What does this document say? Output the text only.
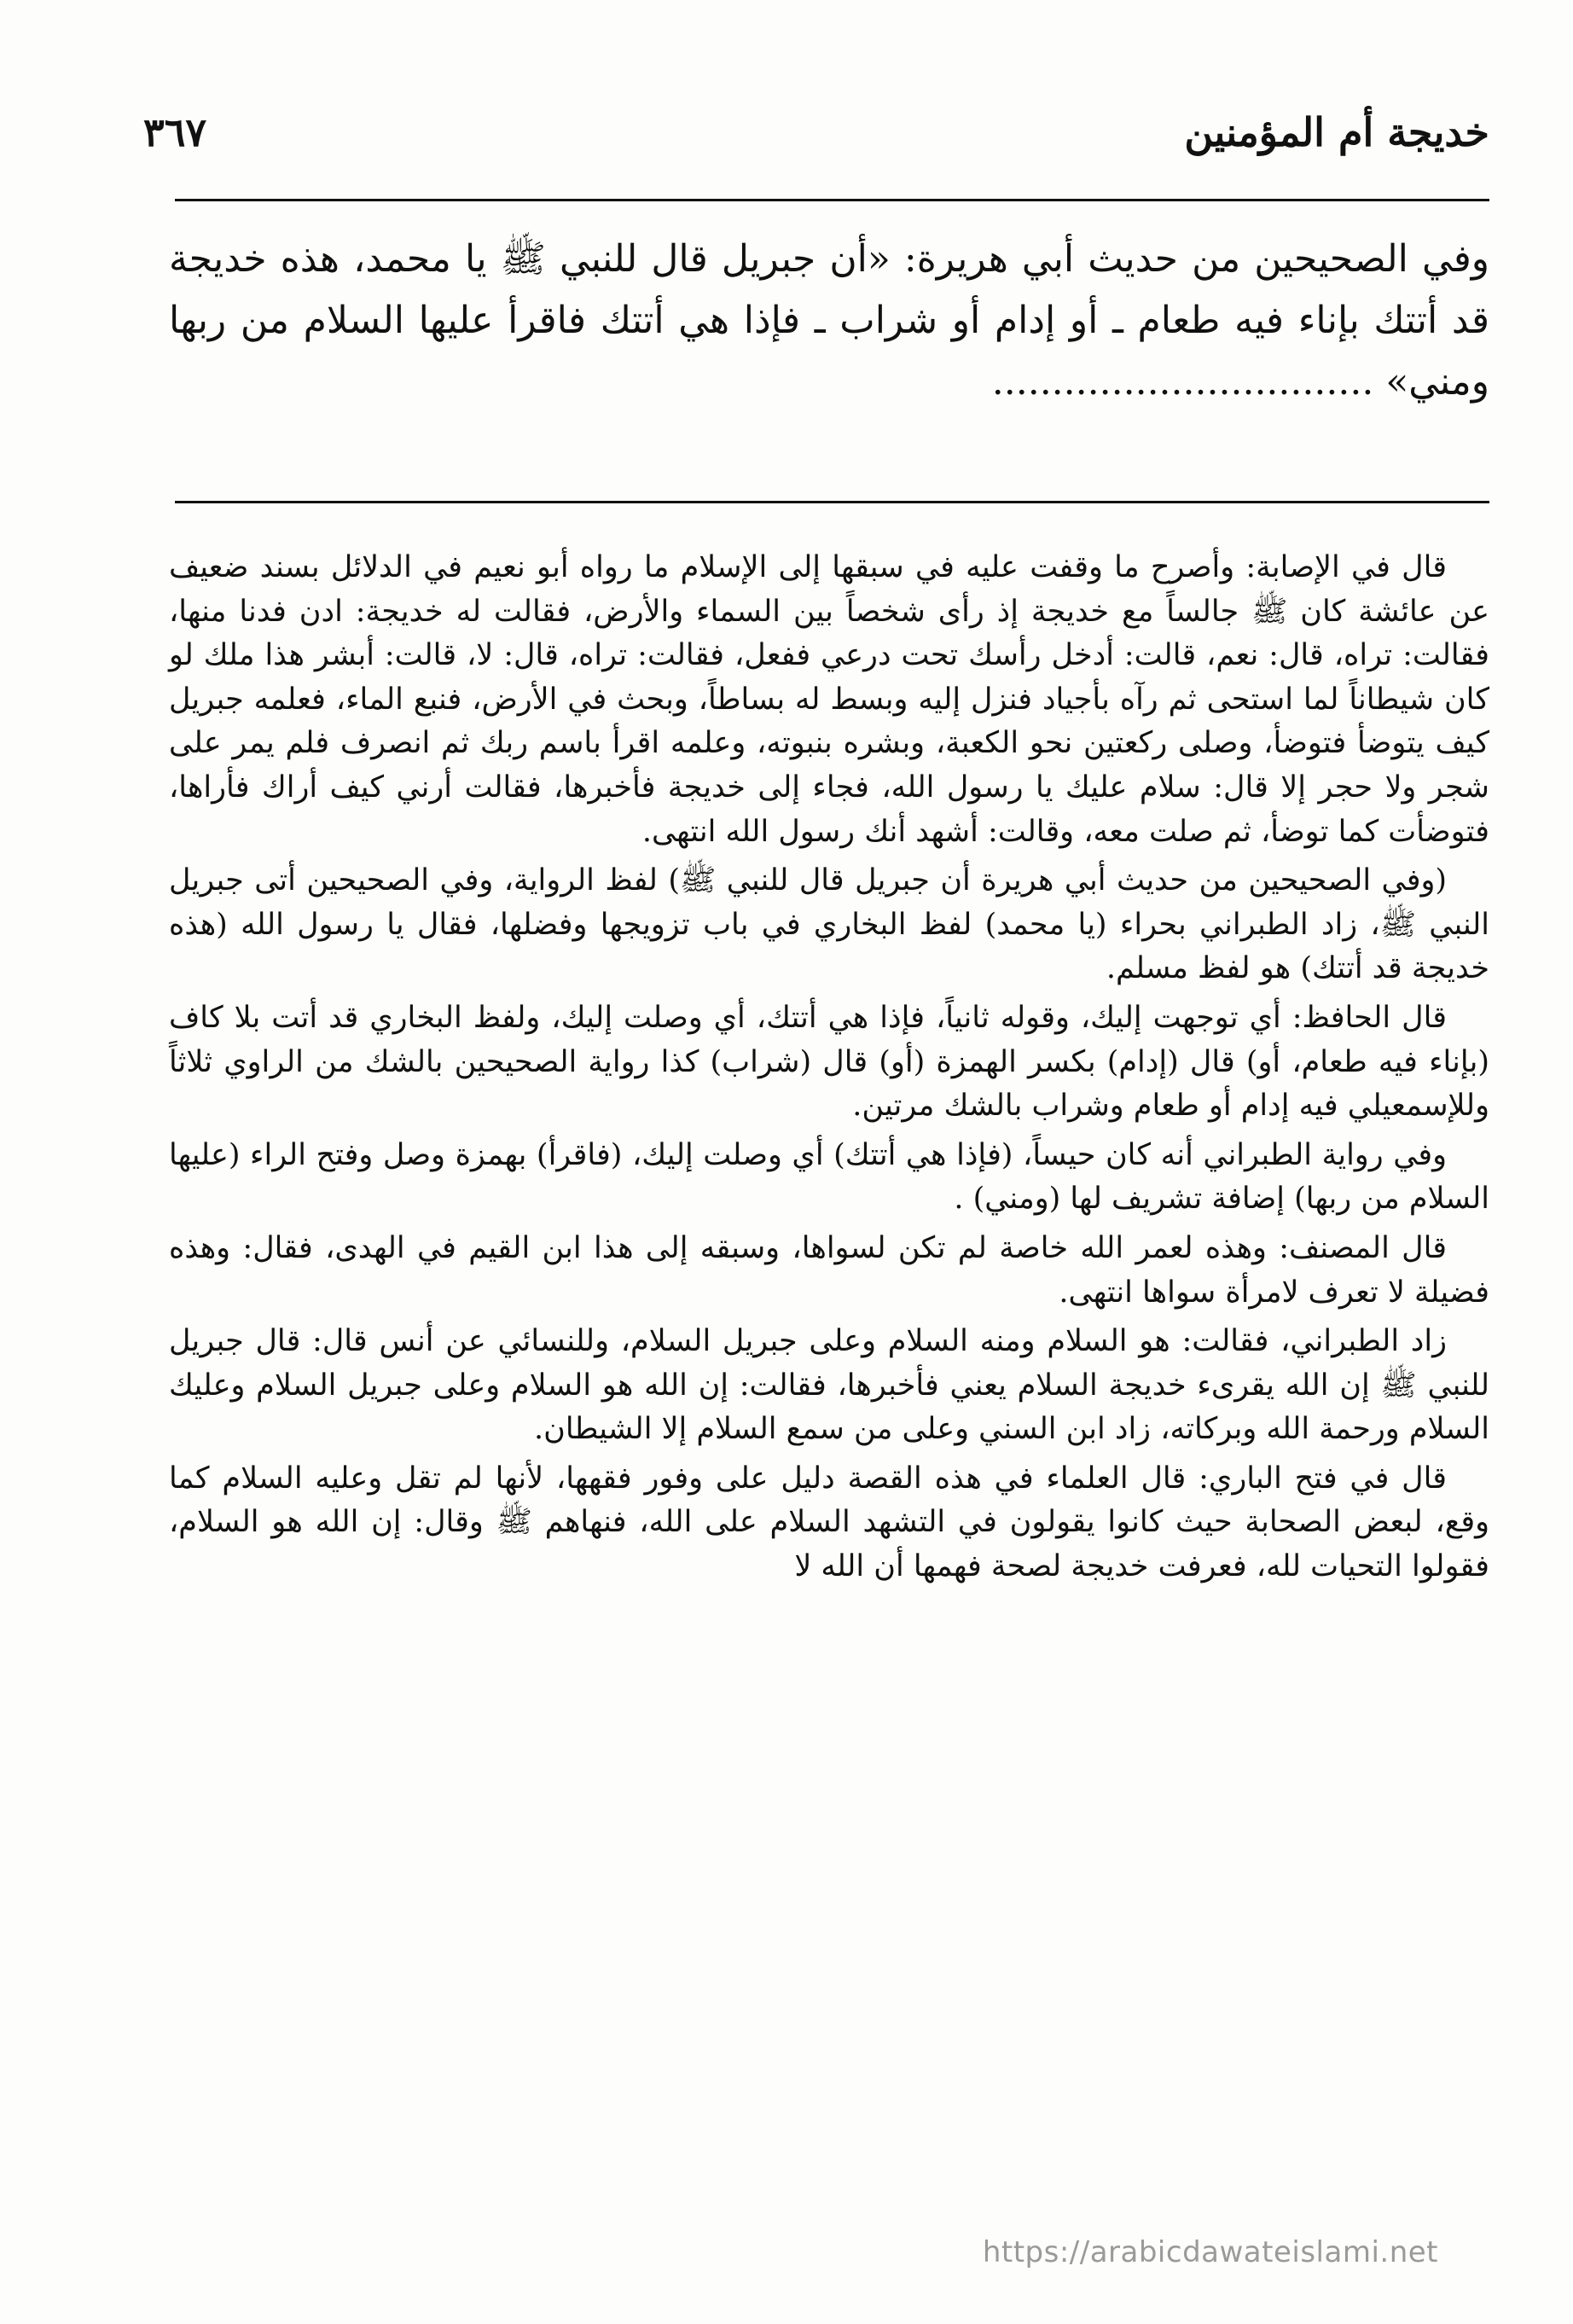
خديجة أم المؤمنين
٣٦٧
وفي الصحيحين من حديث أبي هريرة: «أن جبريل قال للنبي ﷺ يا محمد، هذه خديجة قد أتتك بإناء فيه طعام ـ أو إدام أو شراب ـ فإذا هي أتتك فاقرأ عليها السلام من ربها ومني» ................................

قال في الإصابة: وأصرح ما وقفت عليه في سبقها إلى الإسلام ما رواه أبو نعيم في الدلائل بسند ضعيف عن عائشة كان ﷺ جالساً مع خديجة إذ رأى شخصاً بين السماء والأرض، فقالت له خديجة: ادن فدنا منها، فقالت: تراه، قال: نعم، قالت: أدخل رأسك تحت درعي ففعل، فقالت: تراه، قال: لا، قالت: أبشر هذا ملك لو كان شيطاناً لما استحى ثم رآه بأجياد فنزل إليه وبسط له بساطاً، وبحث في الأرض، فنبع الماء، فعلمه جبريل كيف يتوضأ فتوضأ، وصلى ركعتين نحو الكعبة، وبشره بنبوته، وعلمه اقرأ باسم ربك ثم انصرف فلم يمر على شجر ولا حجر إلا قال: سلام عليك يا رسول الله، فجاء إلى خديجة فأخبرها، فقالت أرني كيف أراك فأراها، فتوضأت كما توضأ، ثم صلت معه، وقالت: أشهد أنك رسول الله انتهى.

(وفي الصحيحين من حديث أبي هريرة أن جبريل قال للنبي ﷺ) لفظ الرواية، وفي الصحيحين أتى جبريل النبي ﷺ، زاد الطبراني بحراء (يا محمد) لفظ البخاري في باب تزويجها وفضلها، فقال يا رسول الله (هذه خديجة قد أتتك) هو لفظ مسلم.

قال الحافظ: أي توجهت إليك، وقوله ثانياً، فإذا هي أتتك، أي وصلت إليك، ولفظ البخاري قد أتت بلا كاف (بإناء فيه طعام، أو) قال (إدام) بكسر الهمزة (أو) قال (شراب) كذا رواية الصحيحين بالشك من الراوي ثلاثاً وللإسمعيلي فيه إدام أو طعام وشراب بالشك مرتين.

وفي رواية الطبراني أنه كان حيساً، (فإذا هي أتتك) أي وصلت إليك، (فاقرأ) بهمزة وصل وفتح الراء (عليها السلام من ربها) إضافة تشريف لها (ومني) .

قال المصنف: وهذه لعمر الله خاصة لم تكن لسواها، وسبقه إلى هذا ابن القيم في الهدى، فقال: وهذه فضيلة لا تعرف لامرأة سواها انتهى.

زاد الطبراني، فقالت: هو السلام ومنه السلام وعلى جبريل السلام، وللنسائي عن أنس قال: قال جبريل للنبي ﷺ إن الله يقرىء خديجة السلام يعني فأخبرها، فقالت: إن الله هو السلام وعلى جبريل السلام وعليك السلام ورحمة الله وبركاته، زاد ابن السني وعلى من سمع السلام إلا الشيطان.

قال في فتح الباري: قال العلماء في هذه القصة دليل على وفور فقهها، لأنها لم تقل وعليه السلام كما وقع، لبعض الصحابة حيث كانوا يقولون في التشهد السلام على الله، فنهاهم ﷺ وقال: إن الله هو السلام، فقولوا التحيات لله، فعرفت خديجة لصحة فهمها أن الله لا

https://arabicdawateislami.net
